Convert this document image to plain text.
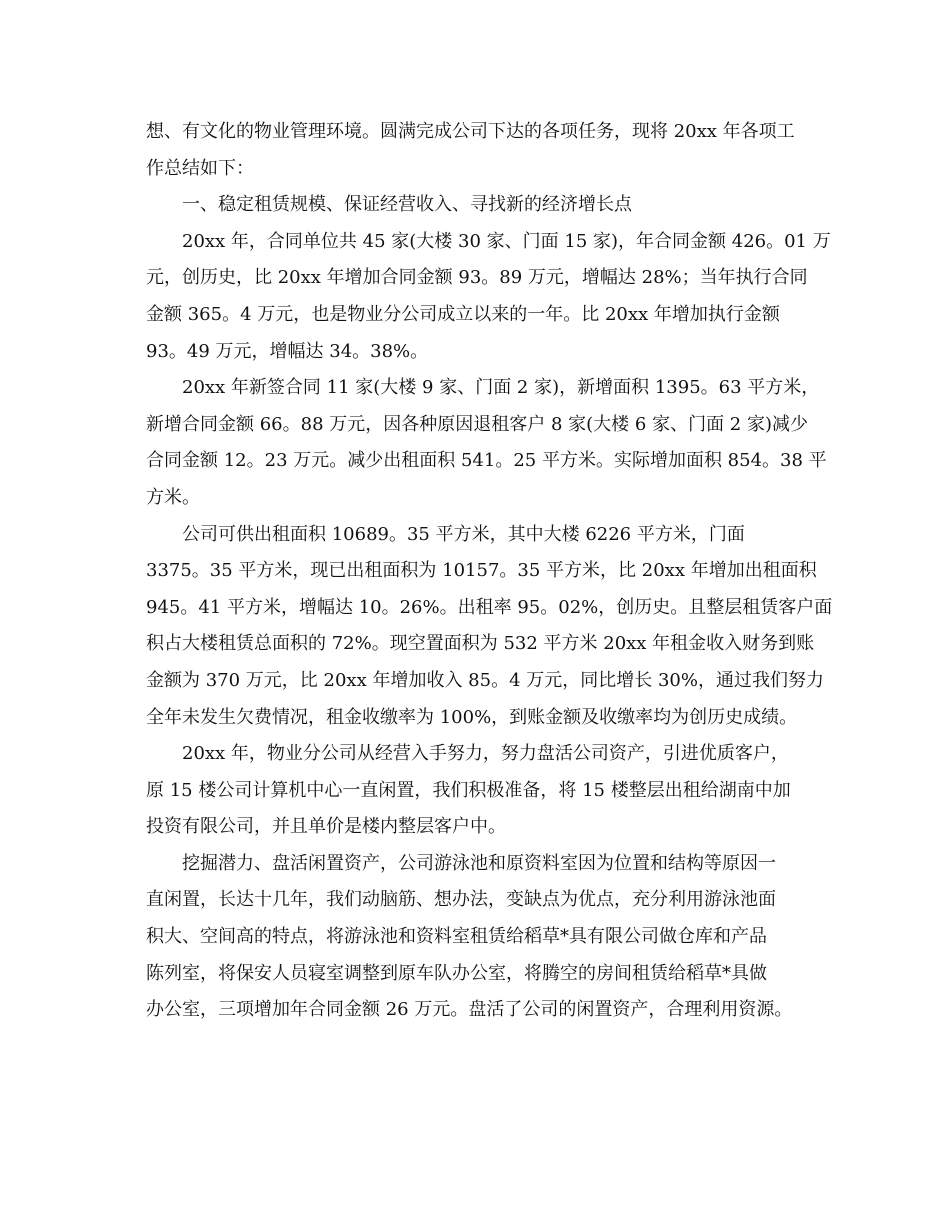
想、有文化的物业管理环境。圆满完成公司下达的各项任务，现将 20xx 年各项工

作总结如下：

一、稳定租赁规模、保证经营收入、寻找新的经济增长点

20xx 年，合同单位共 45 家(大楼 30 家、门面 15 家)，年合同金额 426。01 万

元，创历史，比 20xx 年增加合同金额 93。89 万元，增幅达 28%；当年执行合同

金额 365。4 万元，也是物业分公司成立以来的一年。比 20xx 年增加执行金额

93。49 万元，增幅达 34。38%。

20xx 年新签合同 11 家(大楼 9 家、门面 2 家)，新增面积 1395。63 平方米，

新增合同金额 66。88 万元，因各种原因退租客户 8 家(大楼 6 家、门面 2 家)减少

合同金额 12。23 万元。减少出租面积 541。25 平方米。实际增加面积 854。38 平

方米。

公司可供出租面积 10689。35 平方米，其中大楼 6226 平方米，门面

3375。35 平方米，现已出租面积为 10157。35 平方米，比 20xx 年增加出租面积

945。41 平方米，增幅达 10。26%。出租率 95。02%，创历史。且整层租赁客户面

积占大楼租赁总面积的 72%。现空置面积为 532 平方米 20xx 年租金收入财务到账

金额为 370 万元，比 20xx 年增加收入 85。4 万元，同比增长 30%，通过我们努力

全年未发生欠费情况，租金收缴率为 100%，到账金额及收缴率均为创历史成绩。

20xx 年，物业分公司从经营入手努力，努力盘活公司资产，引进优质客户，

原 15 楼公司计算机中心一直闲置，我们积极准备，将 15 楼整层出租给湖南中加

投资有限公司，并且单价是楼内整层客户中。

挖掘潜力、盘活闲置资产，公司游泳池和原资料室因为位置和结构等原因一

直闲置，长达十几年，我们动脑筋、想办法，变缺点为优点，充分利用游泳池面

积大、空间高的特点，将游泳池和资料室租赁给稻草*具有限公司做仓库和产品

陈列室，将保安人员寝室调整到原车队办公室，将腾空的房间租赁给稻草*具做

办公室，三项增加年合同金额 26 万元。盘活了公司的闲置资产，合理利用资源。
